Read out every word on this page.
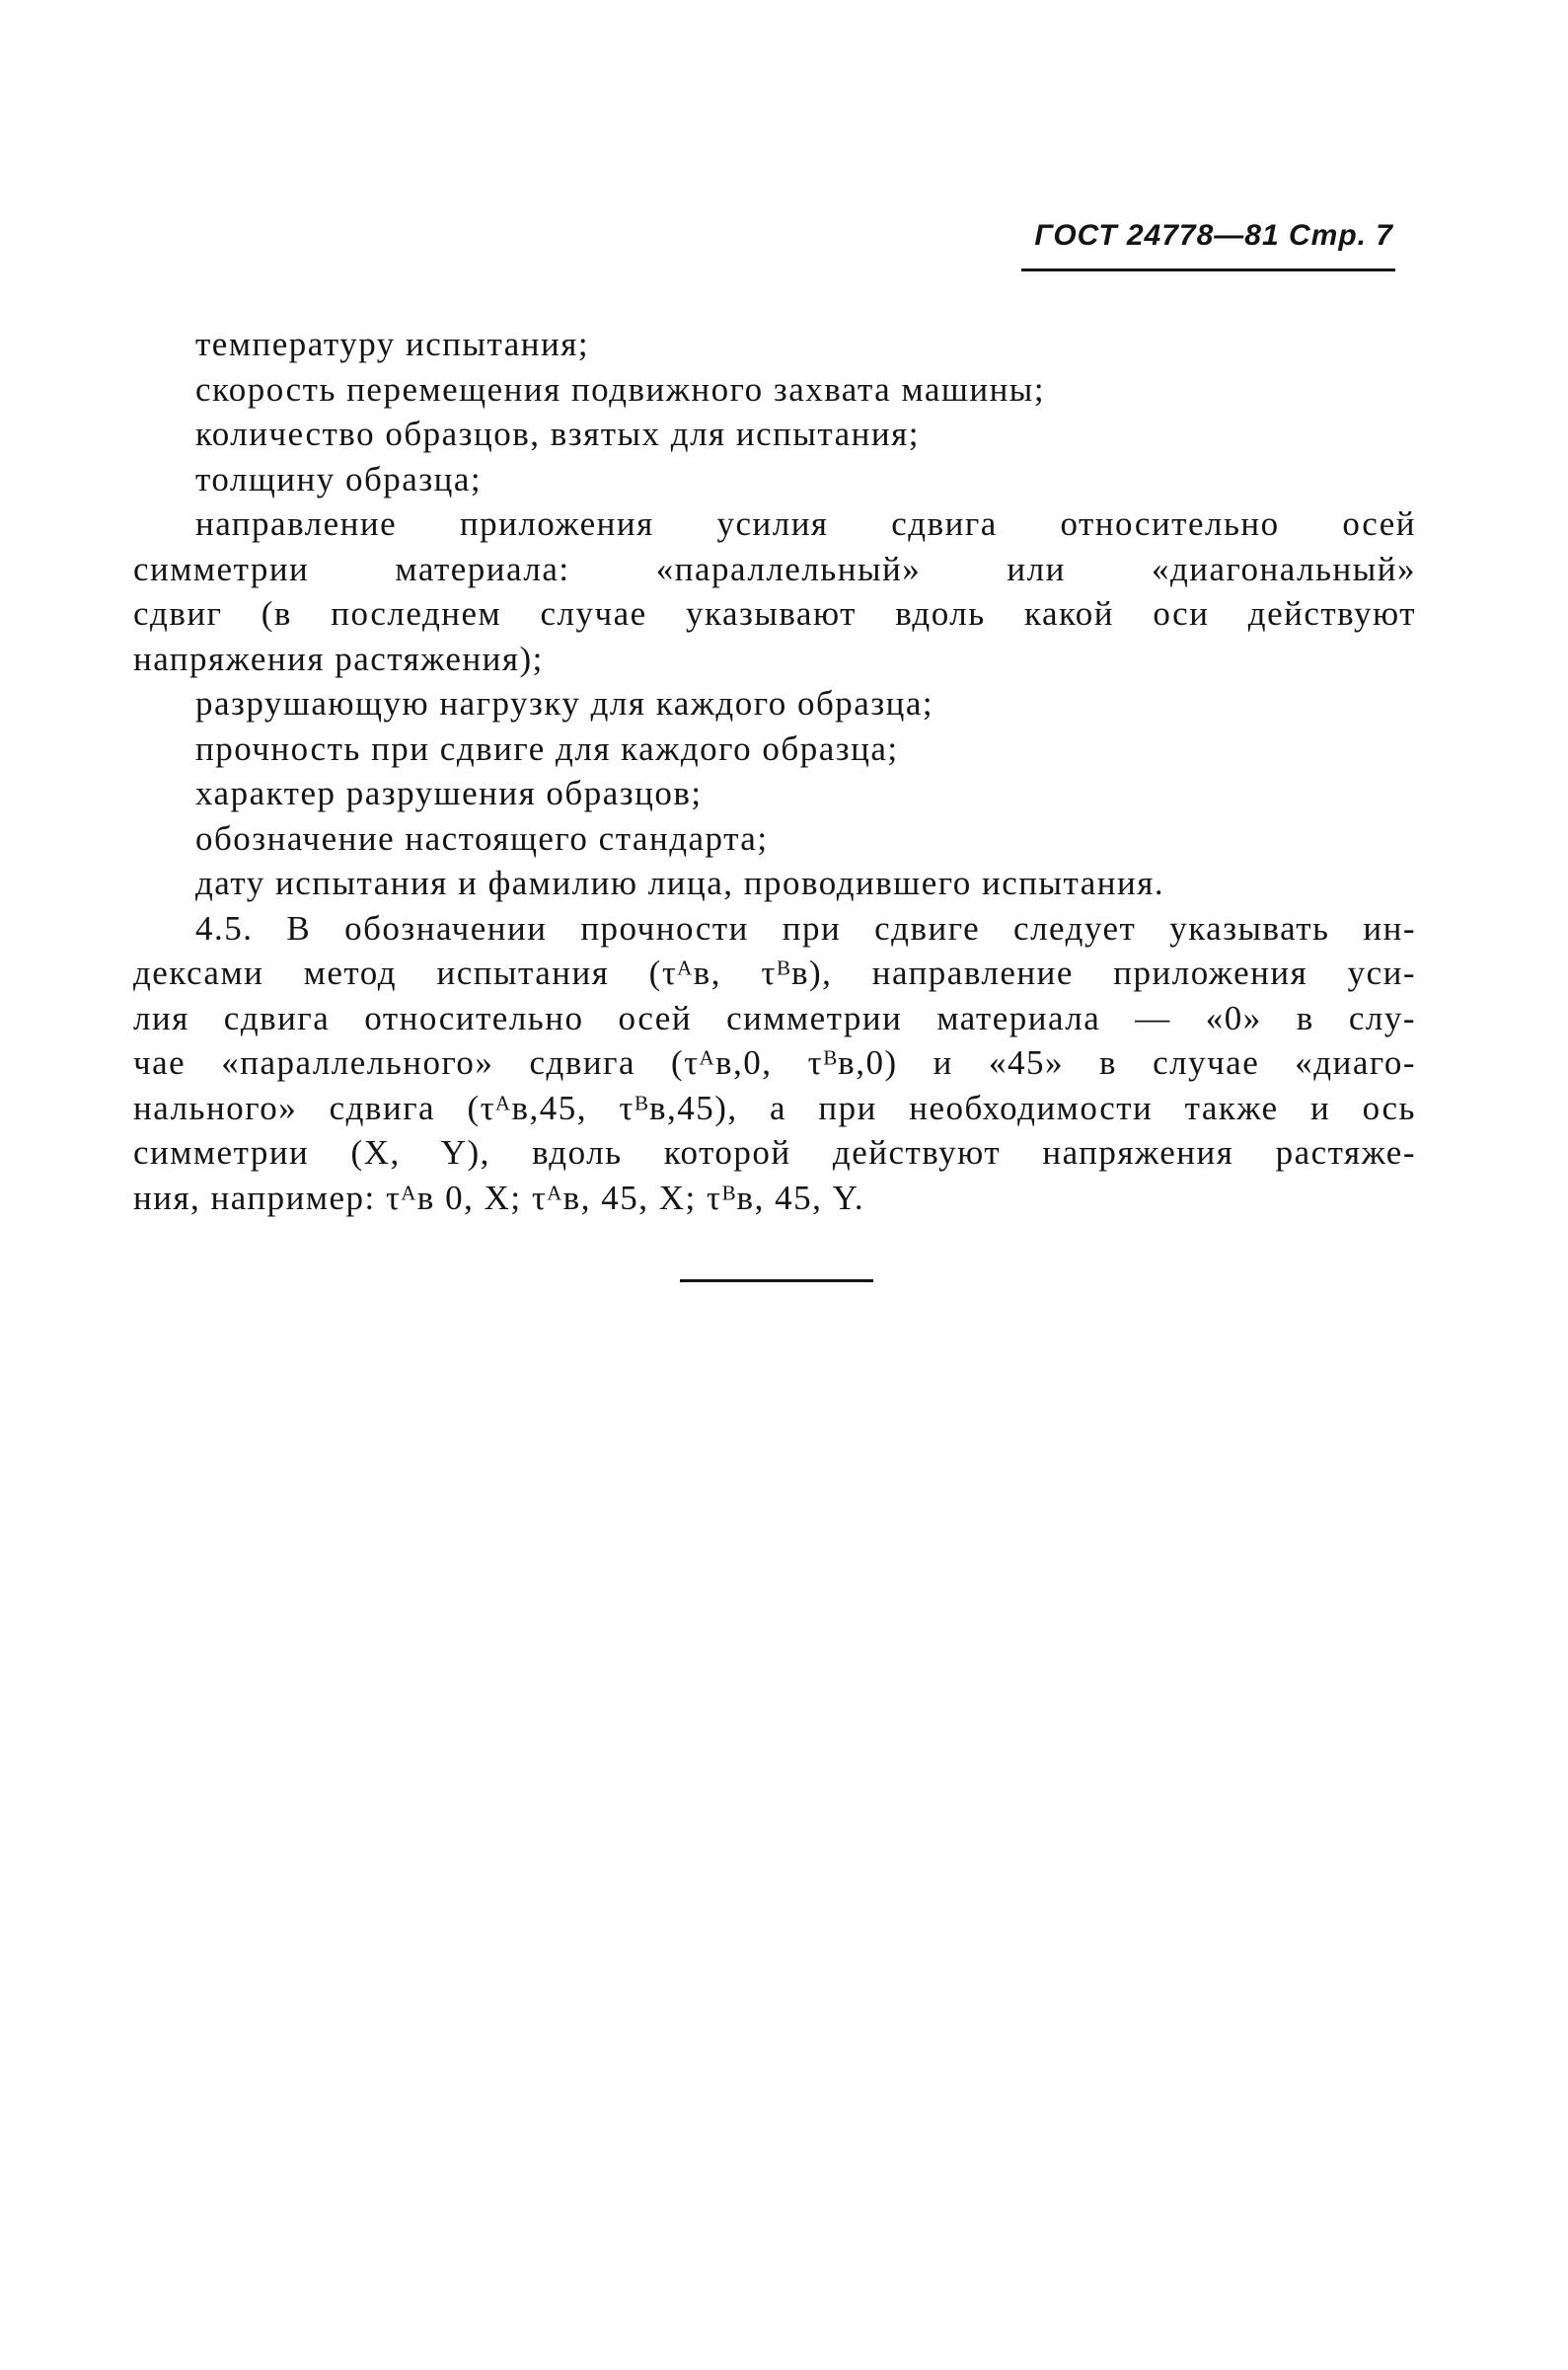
ГОСТ 24778—81 Стр. 7
температуру испытания;
скорость перемещения подвижного захвата машины;
количество образцов, взятых для испытания;
толщину образца;
направление приложения усилия сдвига относительно осей
симметрии материала: «параллельный» или «диагональный»
сдвиг (в последнем случае указывают вдоль какой оси действуют
напряжения растяжения);
разрушающую нагрузку для каждого образца;
прочность при сдвиге для каждого образца;
характер разрушения образцов;
обозначение настоящего стандарта;
дату испытания и фамилию лица, проводившего испытания.
4.5. В обозначении прочности при сдвиге следует указывать ин-
дексами метод испытания (τᴬв, τᴮв), направление приложения уси-
лия сдвига относительно осей симметрии материала — «0» в слу-
чае «параллельного» сдвига (τᴬв,0, τᴮв,0) и «45» в случае «диаго-
нального» сдвига (τᴬв,45, τᴮв,45), а при необходимости также и ось
симметрии (X, Y), вдоль которой действуют напряжения растяже-
ния, например: τᴬв 0, X; τᴬв, 45, X; τᴮв, 45, Y.
